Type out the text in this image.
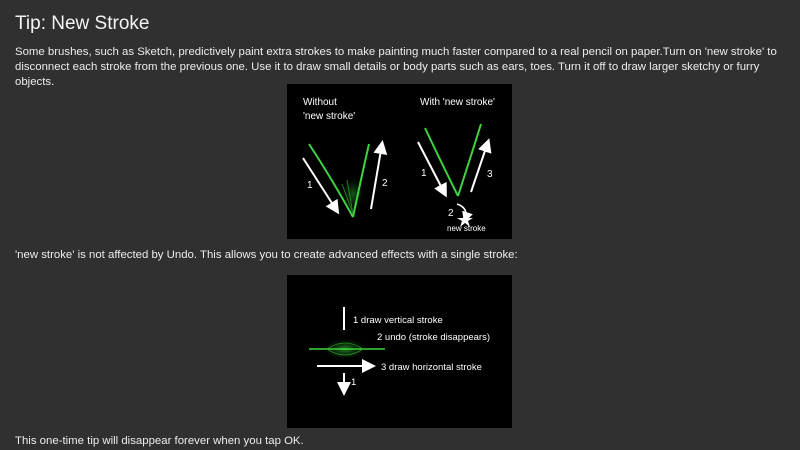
Tip: New Stroke

Some brushes, such as Sketch, predictively paint extra strokes to make painting much faster compared to a real pencil on paper.Turn on 'new stroke' to disconnect each stroke from the previous one. Use it to draw small details or body parts such as ears, toes. Turn it off to draw larger sketchy or furry objects.

Without
'new stroke'
1	2
With 'new stroke'
1
2
3
new stroke

'new stroke' is not affected by Undo. This allows you to create advanced effects with a single stroke:

1 draw vertical stroke
2 undo (stroke disappears)
3 draw horizontal stroke
1

This one-time tip will disappear forever when you tap OK.
